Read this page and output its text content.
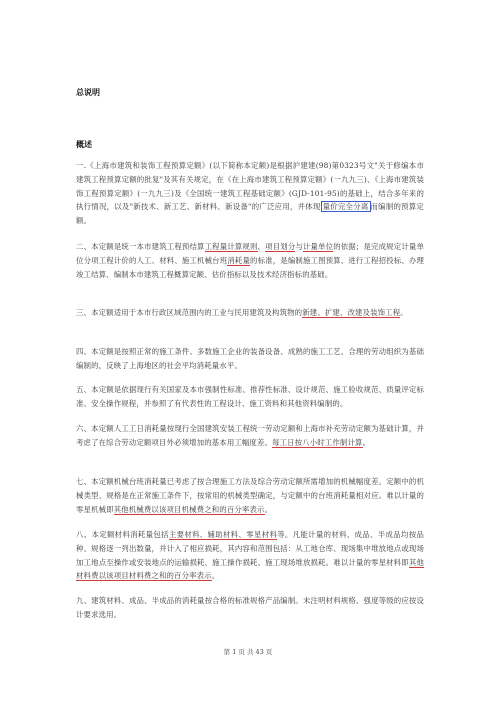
总说明
概述

一.《上海市建筑和装饰工程预算定额》(以下简称本定额)是根据沪建建(98)第0323号文"关于修编本市建筑工程预算定额的批复"及其有关规定，在《在上海市建筑工程预算定额》(一九九三)、《上海市建筑装饰工程预算定额》(一九九三)及《全国统一建筑工程基础定额》(GJD-101-95)的基础上，结合多年来的执行情况，以及"新技术、新工艺、新材料、新设备"的广泛应用，并体现 量价完全分离 而编制的预算定额。

二、本定额是统一本市建筑工程预结算工程量计算规则、项目划分与计量单位的依据；是完成规定计量单位分项工程计价的人工、材料、施工机械台班消耗量的标准，是编制施工图预算、进行工程招投标、办理竣工结算、编制本市建筑工程概算定额、估价指标以及技术经济指标的基础。

三、本定额适用于本市行政区域范围内的工业与民用建筑及构筑物的新建、扩建、改建及装饰工程。

四、本定额是按照正常的施工条件、多数施工企业的装备设备、成熟的施工工艺、合理的劳动组织为基础编制的，反映了上海地区的社会平均消耗量水平。

五、本定额是依据现行有关国家及本市强制性标准、推荐性标准、设计规范、施工验收规范、质量评定标准、安全操作规程，并参照了有代表性的工程设计、施工资料和其他资料编制的。

六、本定额人工工日消耗量按现行全国建筑安装工程统一劳动定额和上海市补充劳动定额为基础计算，并考虑了在综合劳动定额项目外必须增加的基本用工幅度差。每工日按八小时工作制计算。

七、本定额机械台班消耗量已考虑了按合理施工方法及综合劳动定额所需增加的机械幅度差。定额中的机械类型、规格是在正常施工条件下，按常用的机械类型确定，与定额中的台班消耗量相对应。难以计量的零星机械即其他机械费以该项目机械费之和的百分率表示。

八、本定额材料消耗量包括主要材料、辅助材料、零星材料等。凡能计量的材料、成品、半成品均按品种、规格逐一列出数量，并计入了相应损耗，其内容和范围包括：从工地仓库、现场集中堆放地点或现场加工地点至操作或安装地点的运输损耗、施工操作损耗、施工现场堆放损耗。难以计量的零星材料即其他材料费以该项目材料费之和的百分率表示。

九、建筑材料、成品、半成品的消耗量按合格的标准规格产品编制。未注明材料规格、强度等级的应按设计要求选用。

第 1 页 共 43 页
